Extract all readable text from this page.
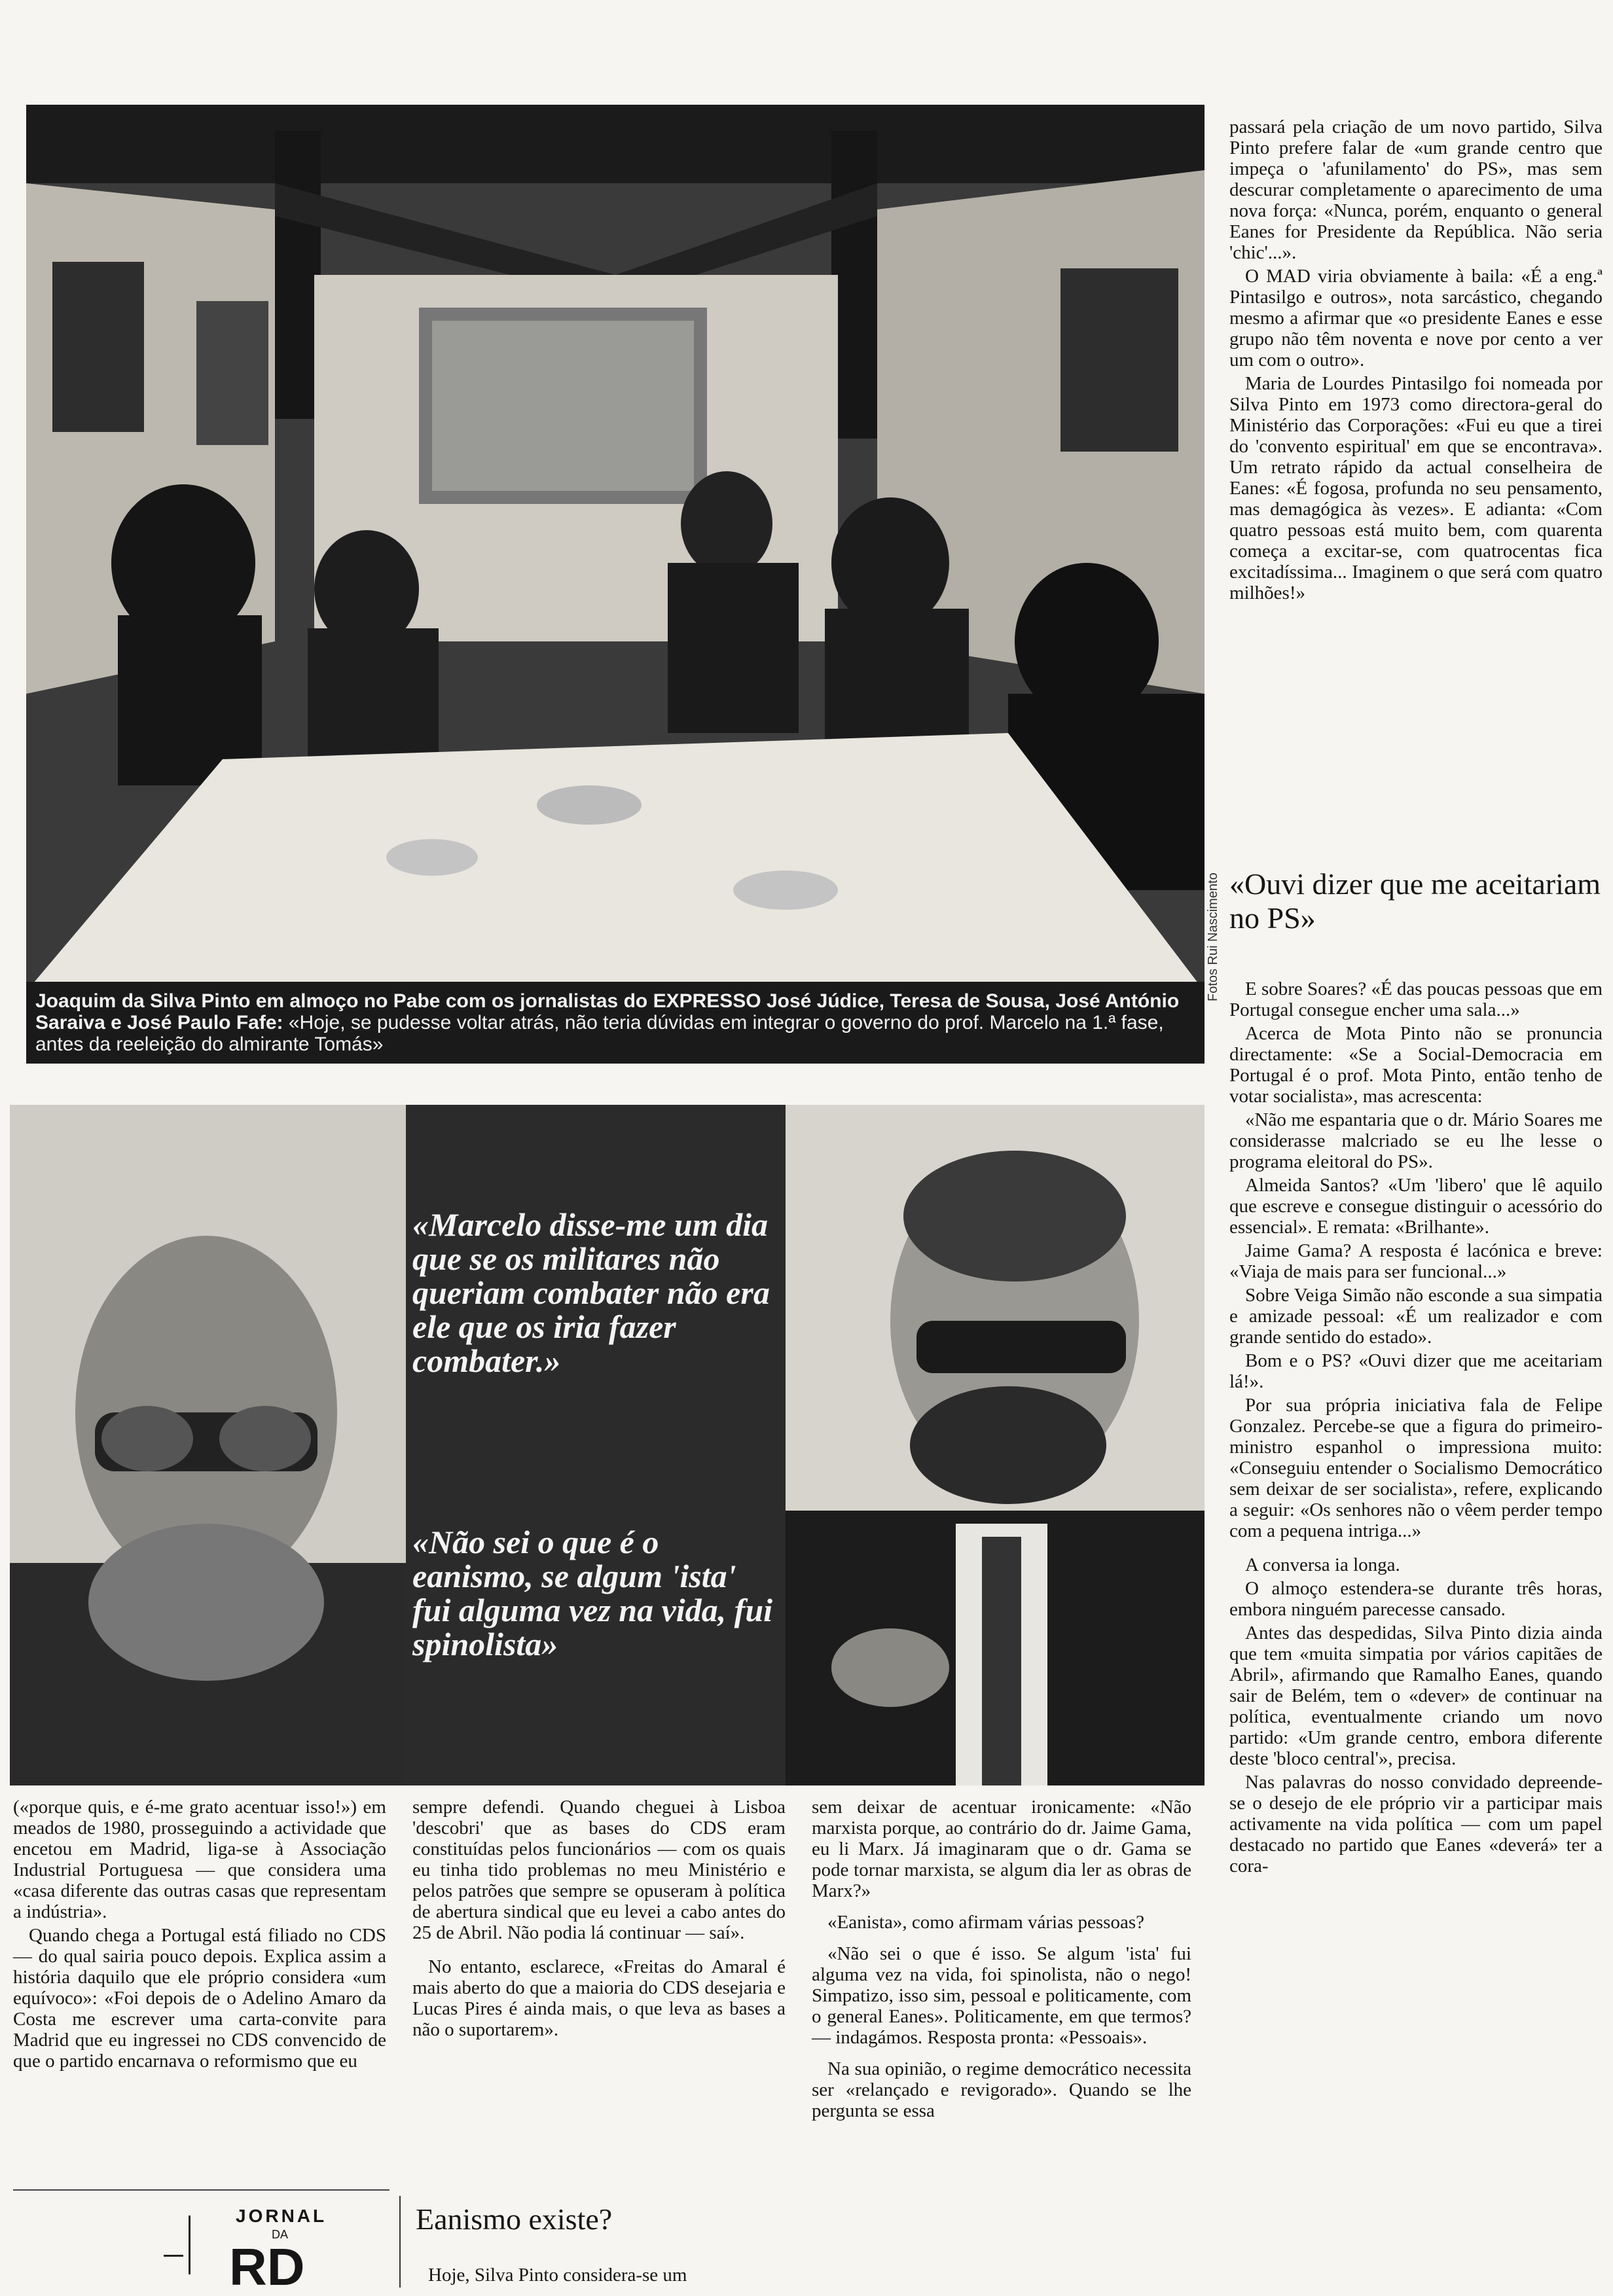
Joaquim da Silva Pinto em almoço no Pabe com os jornalistas do EXPRESSO José Júdice, Teresa de Sousa, José António Saraiva e José Paulo Fafe: «Hoje, se pudesse voltar atrás, não teria dúvidas em integrar o governo do prof. Marcelo na 1.ª fase, antes da reeleição do almirante Tomás»
Fotos Rui Nascimento
«Marcelo disse-me um dia que se os militares não queriam combater não era ele que os iria fazer combater.»
«Não sei o que é o eanismo, se algum 'ista' fui alguma vez na vida, fui spinolista»

passará pela criação de um novo partido, Silva Pinto prefere falar de «um grande centro que impeça o 'afunilamento' do PS», mas sem descurar completamente o aparecimento de uma nova força: «Nunca, porém, enquanto o general Eanes for Presidente da República. Não seria 'chic'...».

O MAD viria obviamente à baila: «É a eng.ª Pintasilgo e outros», nota sarcástico, chegando mesmo a afirmar que «o presidente Eanes e esse grupo não têm noventa e nove por cento a ver um com o outro».

Maria de Lourdes Pintasilgo foi nomeada por Silva Pinto em 1973 como directora-geral do Ministério das Corporações: «Fui eu que a tirei do 'convento espiritual' em que se encontrava». Um retrato rápido da actual conselheira de Eanes: «É fogosa, profunda no seu pensamento, mas demagógica às vezes». E adianta: «Com quatro pessoas está muito bem, com quarenta começa a excitar-se, com quatrocentas fica excitadíssima... Imaginem o que será com quatro milhões!»

«Ouvi dizer que me aceitariam no PS»

E sobre Soares? «É das poucas pessoas que em Portugal consegue encher uma sala...»

Acerca de Mota Pinto não se pronuncia directamente: «Se a Social-Democracia em Portugal é o prof. Mota Pinto, então tenho de votar socialista», mas acrescenta:

«Não me espantaria que o dr. Mário Soares me considerasse malcriado se eu lhe lesse o programa eleitoral do PS».

Almeida Santos? «Um 'libero' que lê aquilo que escreve e consegue distinguir o acessório do essencial». E remata: «Brilhante».

Jaime Gama? A resposta é lacónica e breve: «Viaja de mais para ser funcional...»

Sobre Veiga Simão não esconde a sua simpatia e amizade pessoal: «É um realizador e com grande sentido do estado».

Bom e o PS? «Ouvi dizer que me aceitariam lá!».

Por sua própria iniciativa fala de Felipe Gonzalez. Percebe-se que a figura do primeiro-ministro espanhol o impressiona muito: «Conseguiu entender o Socialismo Democrático sem deixar de ser socialista», refere, explicando a seguir: «Os senhores não o vêem perder tempo com a pequena intriga...»

A conversa ia longa.

O almoço estendera-se durante três horas, embora ninguém parecesse cansado.

Antes das despedidas, Silva Pinto dizia ainda que tem «muita simpatia por vários capitães de Abril», afirmando que Ramalho Eanes, quando sair de Belém, tem o «dever» de continuar na política, eventualmente criando um novo partido: «Um grande centro, embora diferente deste 'bloco central'», precisa.

Nas palavras do nosso convidado depreende-se o desejo de ele próprio vir a participar mais activamente na vida política — com um papel destacado no partido que Eanes «deverá» ter a cora-

(«porque quis, e é-me grato acentuar isso!») em meados de 1980, prosseguindo a actividade que encetou em Madrid, liga-se à Associação Industrial Portuguesa — que considera uma «casa diferente das outras casas que representam a indústria».

Quando chega a Portugal está filiado no CDS — do qual sairia pouco depois. Explica assim a história daquilo que ele próprio considera «um equívoco»: «Foi depois de o Adelino Amaro da Costa me escrever uma carta-convite para Madrid que eu ingressei no CDS convencido de que o partido encarnava o reformismo que eu

sempre defendi. Quando cheguei à Lisboa 'descobri' que as bases do CDS eram constituídas pelos funcionários — com os quais eu tinha tido problemas no meu Ministério e pelos patrões que sempre se opuseram à política de abertura sindical que eu levei a cabo antes do 25 de Abril. Não podia lá continuar — saí».

No entanto, esclarece, «Freitas do Amaral é mais aberto do que a maioria do CDS desejaria e Lucas Pires é ainda mais, o que leva as bases a não o suportarem».

Eanismo existe?

Hoje, Silva Pinto considera-se um

sem deixar de acentuar ironicamente: «Não marxista porque, ao contrário do dr. Jaime Gama, eu li Marx. Já imaginaram que o dr. Gama se pode tornar marxista, se algum dia ler as obras de Marx?»

«Eanista», como afirmam várias pessoas?

«Não sei o que é isso. Se algum 'ista' fui alguma vez na vida, foi spinolista, não o nego! Simpatizo, isso sim, pessoal e politicamente, com o general Eanes». Politicamente, em que termos? — indagámos. Resposta pronta: «Pessoais».

Na sua opinião, o regime democrático necessita ser «relançado e revigorado». Quando se lhe pergunta se essa

JORNAL
DA
RD
